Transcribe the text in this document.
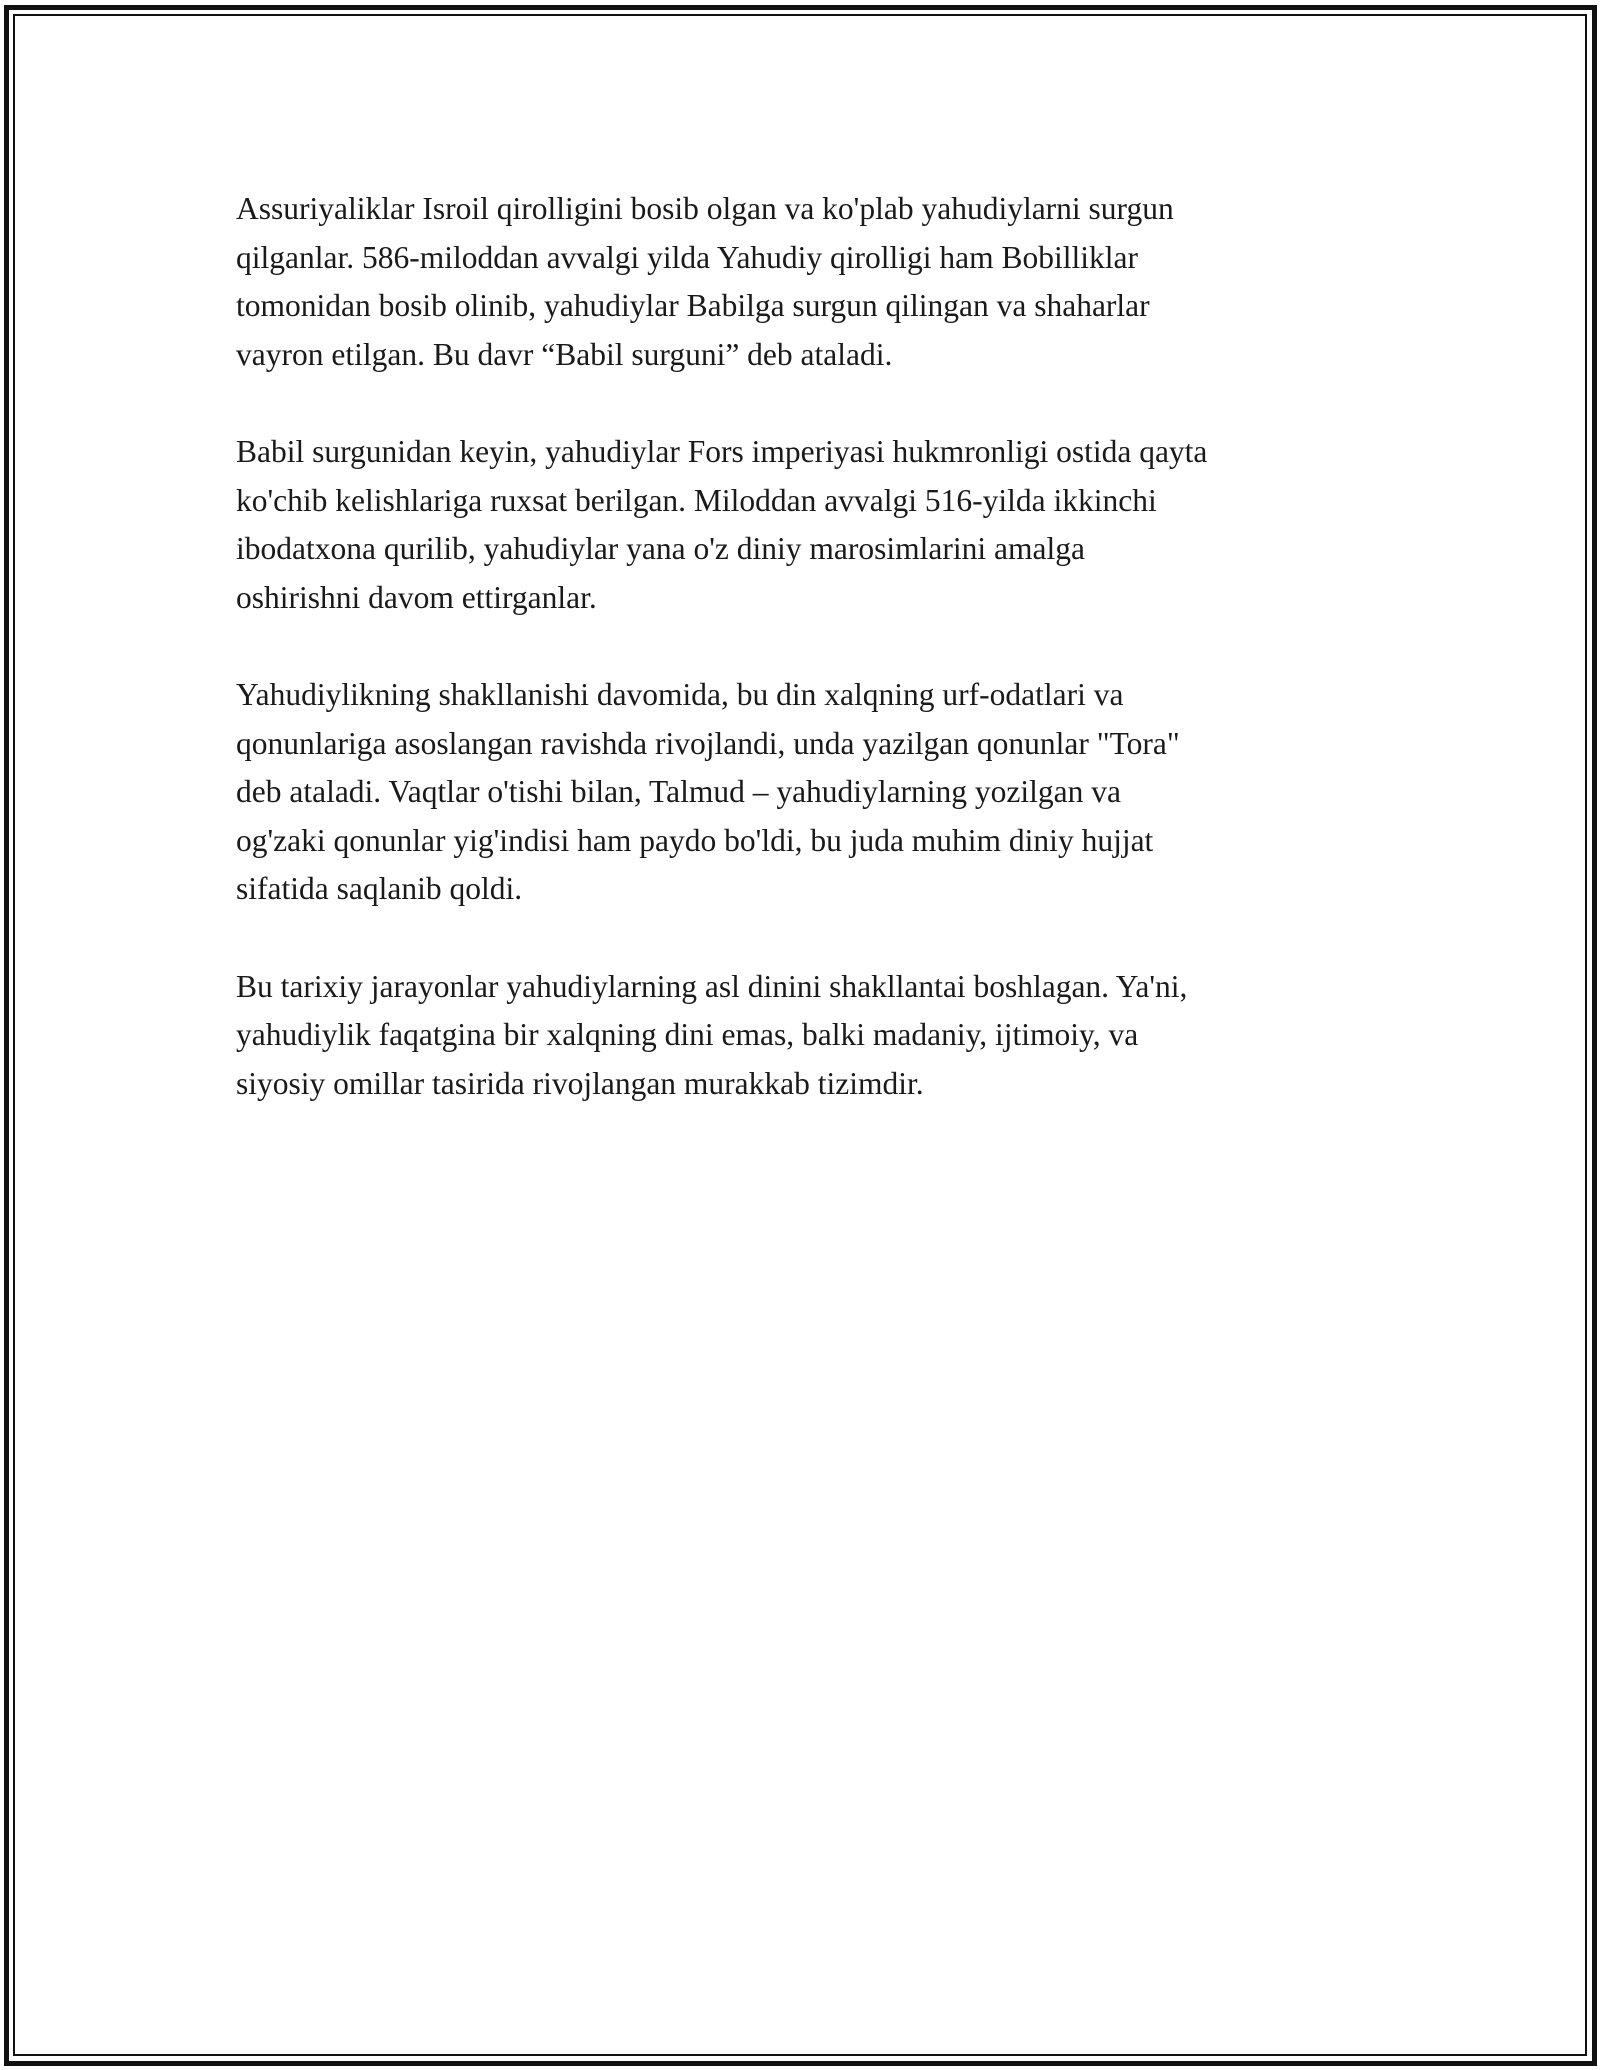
Assuriyaliklar Isroil qirolligini bosib olgan va ko'plab yahudiylarni surgun
qilganlar. 586-miloddan avvalgi yilda Yahudiy qirolligi ham Bobilliklar
tomonidan bosib olinib, yahudiylar Babilga surgun qilingan va shaharlar
vayron etilgan. Bu davr “Babil surguni” deb ataladi.

Babil surgunidan keyin, yahudiylar Fors imperiyasi hukmronligi ostida qayta
ko'chib kelishlariga ruxsat berilgan. Miloddan avvalgi 516-yilda ikkinchi
ibodatxona qurilib, yahudiylar yana o'z diniy marosimlarini amalga
oshirishni davom ettirganlar.

Yahudiylikning shakllanishi davomida, bu din xalqning urf-odatlari va
qonunlariga asoslangan ravishda rivojlandi, unda yazilgan qonunlar "Tora"
deb ataladi. Vaqtlar o'tishi bilan, Talmud – yahudiylarning yozilgan va
og'zaki qonunlar yig'indisi ham paydo bo'ldi, bu juda muhim diniy hujjat
sifatida saqlanib qoldi.

Bu tarixiy jarayonlar yahudiylarning asl dinini shakllantai boshlagan. Ya'ni,
yahudiylik faqatgina bir xalqning dini emas, balki madaniy, ijtimoiy, va
siyosiy omillar tasirida rivojlangan murakkab tizimdir.
